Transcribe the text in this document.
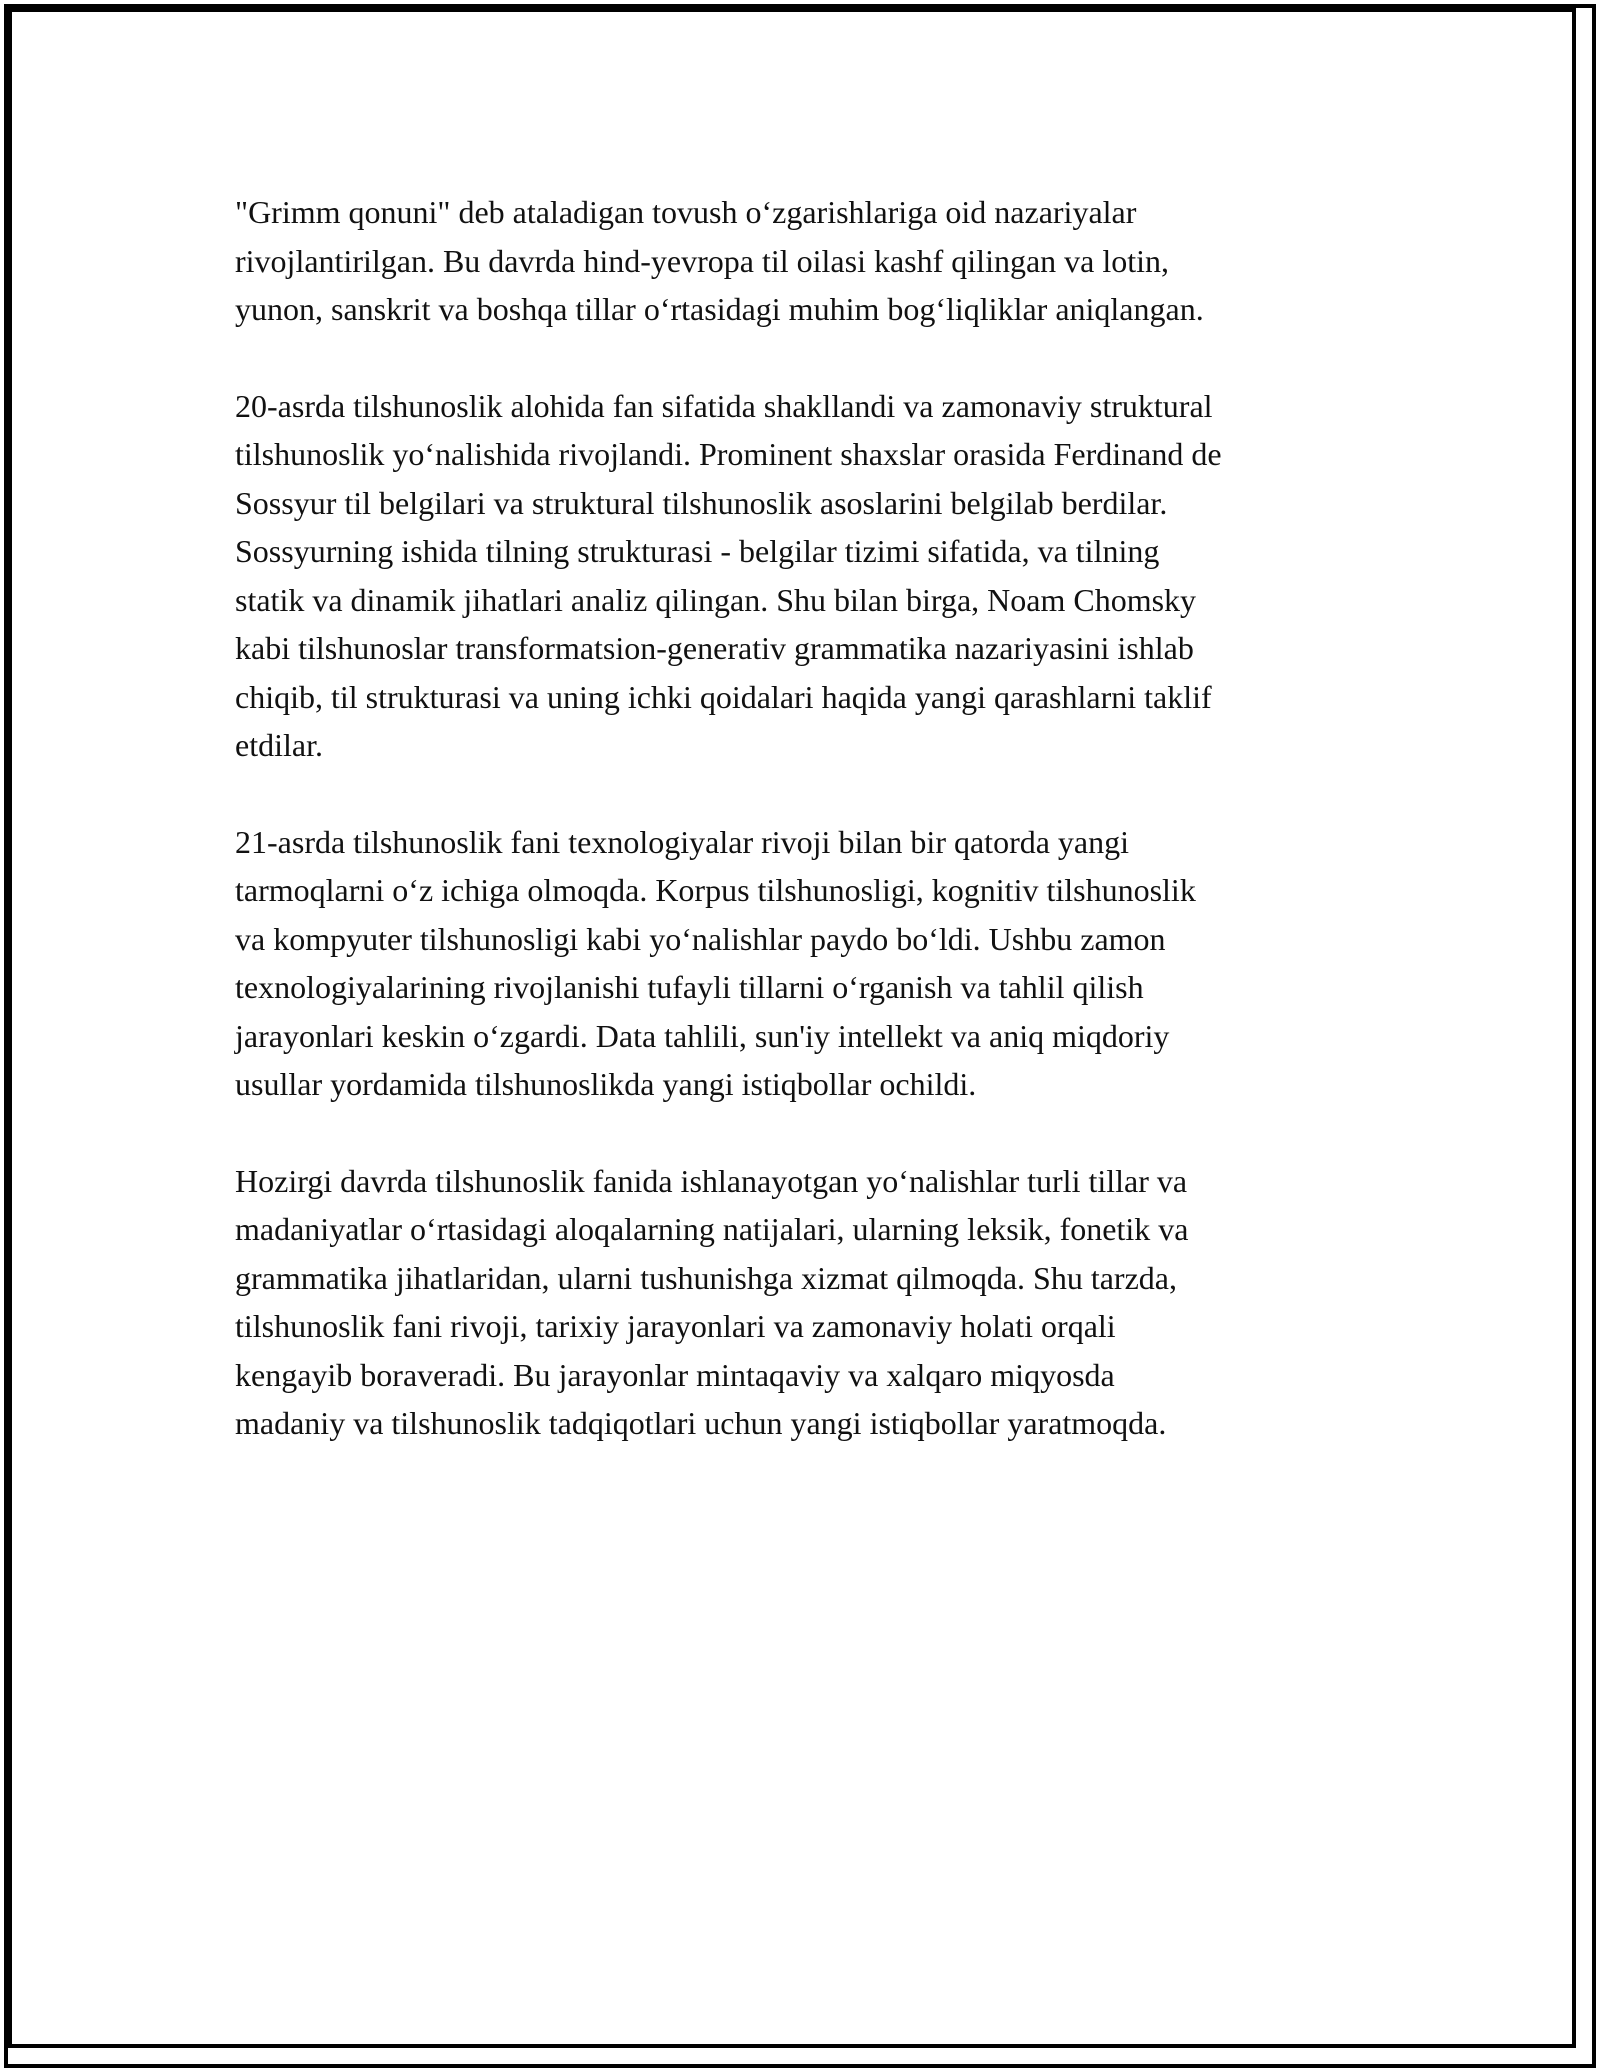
"Grimm qonuni" deb ataladigan tovush o‘zgarishlariga oid nazariyalar
rivojlantirilgan. Bu davrda hind-yevropa til oilasi kashf qilingan va lotin,
yunon, sanskrit va boshqa tillar o‘rtasidagi muhim bog‘liqliklar aniqlangan.

20-asrda tilshunoslik alohida fan sifatida shakllandi va zamonaviy struktural
tilshunoslik yo‘nalishida rivojlandi. Prominent shaxslar orasida Ferdinand de
Sossyur til belgilari va struktural tilshunoslik asoslarini belgilab berdilar.
Sossyurning ishida tilning strukturasi - belgilar tizimi sifatida, va tilning
statik va dinamik jihatlari analiz qilingan. Shu bilan birga, Noam Chomsky
kabi tilshunoslar transformatsion-generativ grammatika nazariyasini ishlab
chiqib, til strukturasi va uning ichki qoidalari haqida yangi qarashlarni taklif
etdilar.

21-asrda tilshunoslik fani texnologiyalar rivoji bilan bir qatorda yangi
tarmoqlarni o‘z ichiga olmoqda. Korpus tilshunosligi, kognitiv tilshunoslik
va kompyuter tilshunosligi kabi yo‘nalishlar paydo bo‘ldi. Ushbu zamon
texnologiyalarining rivojlanishi tufayli tillarni o‘rganish va tahlil qilish
jarayonlari keskin o‘zgardi. Data tahlili, sun'iy intellekt va aniq miqdoriy
usullar yordamida tilshunoslikda yangi istiqbollar ochildi.

Hozirgi davrda tilshunoslik fanida ishlanayotgan yo‘nalishlar turli tillar va
madaniyatlar o‘rtasidagi aloqalarning natijalari, ularning leksik, fonetik va
grammatika jihatlaridan, ularni tushunishga xizmat qilmoqda. Shu tarzda,
tilshunoslik fani rivoji, tarixiy jarayonlari va zamonaviy holati orqali
kengayib boraveradi. Bu jarayonlar mintaqaviy va xalqaro miqyosda
madaniy va tilshunoslik tadqiqotlari uchun yangi istiqbollar yaratmoqda.
